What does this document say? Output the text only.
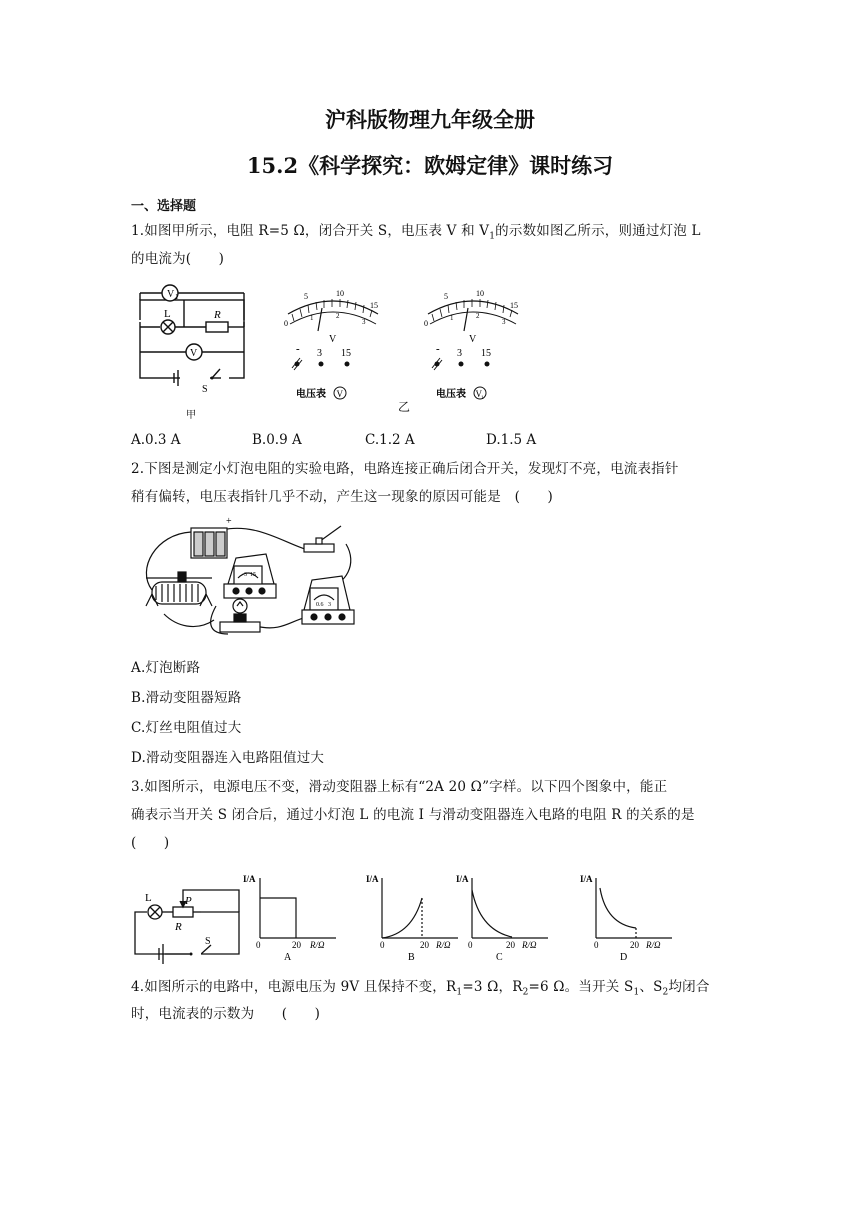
沪科版物理九年级全册
15.2《科学探究：欧姆定律》课时练习
一、选择题
1.如图甲所示，电阻 R=5 Ω，闭合开关 S，电压表 V 和 $V_1$的示数如图乙所示，则通过灯泡 L
的电流为(　　)
V 1
L	R
V
S
甲
5	10
15
0
1	2
3
V
- 3 15
电压表 V
乙
5	10
15
0
1	2
3
V
- 3 15
电压表 V 1
A.0.3 A	B.0.9 A	C.1.2 A	D.1.5 A
2.下图是测定小灯泡电阻的实验电路，电路连接正确后闭合开关，发现灯不亮，电流表指针
稍有偏转，电压表指针几乎不动，产生这一现象的原因可能是　(　　)
+
3 15
0.6 3
A.灯泡断路
B.滑动变阻器短路
C.灯丝电阻值过大
D.滑动变阻器连入电路阻值过大
3.如图所示，电源电压不变，滑动变阻器上标有“2A 20 Ω”字样。以下四个图象中，能正
确表示当开关 S 闭合后，通过小灯泡 L 的电流 I 与滑动变阻器连入电路的电阻 R 的关系的是
(　　)
L	P
R
S
I/A
0	20 R/Ω
A
I/A
0	20 R/Ω
B
I/A
0	20 R/Ω
C
I/A
0	20 R/Ω
D
4.如图所示的电路中，电源电压为 9V 且保持不变，$R_1=3$ Ω，$R_2=6$ Ω。当开关 $S_1$、$S_2$均闭合
时，电流表的示数为　　(　　)
